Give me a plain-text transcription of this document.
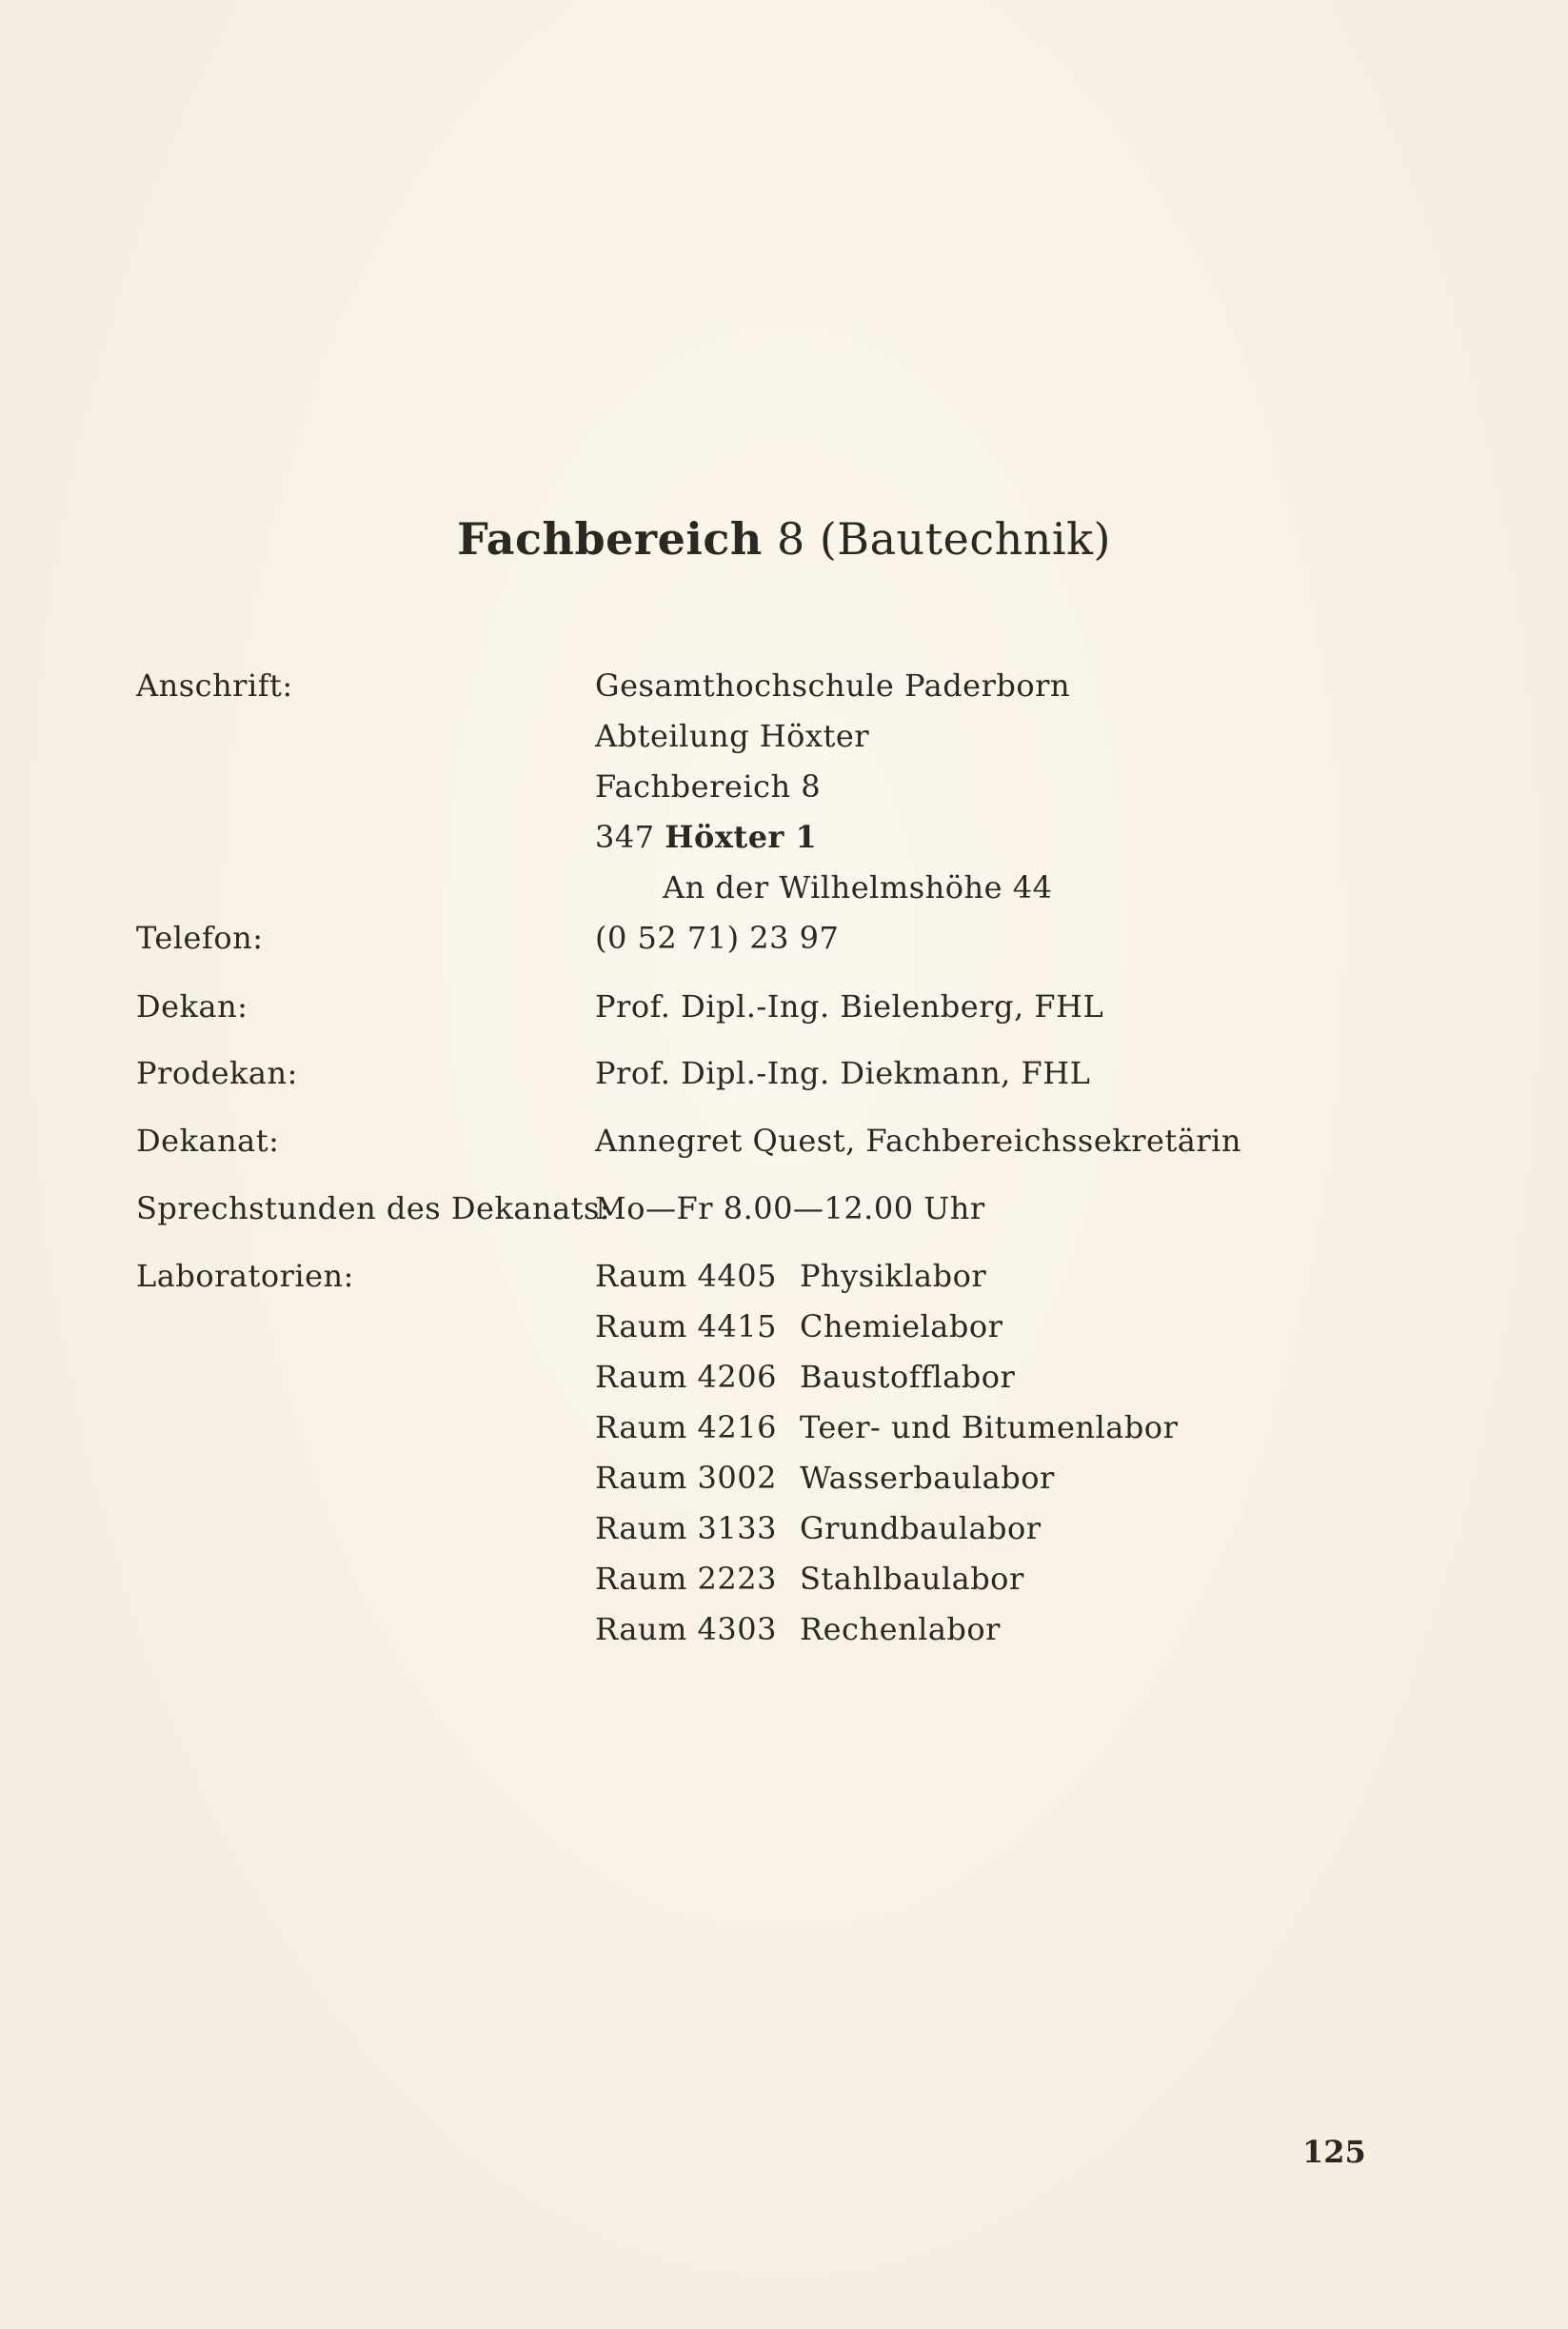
Fachbereich 8 (Bautechnik)
Anschrift:	Gesamthochschule Paderborn
Abteilung Höxter
Fachbereich 8
347 Höxter 1
An der Wilhelmshöhe 44
Telefon:	(0 52 71) 23 97
Dekan:	Prof. Dipl.-Ing. Bielenberg, FHL
Prodekan:	Prof. Dipl.-Ing. Diekmann, FHL
Dekanat:	Annegret Quest, Fachbereichssekretärin
Sprechstunden des Dekanats:
Mo—Fr 8.00—12.00 Uhr
Laboratorien:	Raum 4405 Physiklabor
Raum 4415 Chemielabor
Raum 4206 Baustofflabor
Raum 4216 Teer- und Bitumenlabor
Raum 3002 Wasserbaulabor
Raum 3133 Grundbaulabor
Raum 2223 Stahlbaulabor
Raum 4303 Rechenlabor
125
